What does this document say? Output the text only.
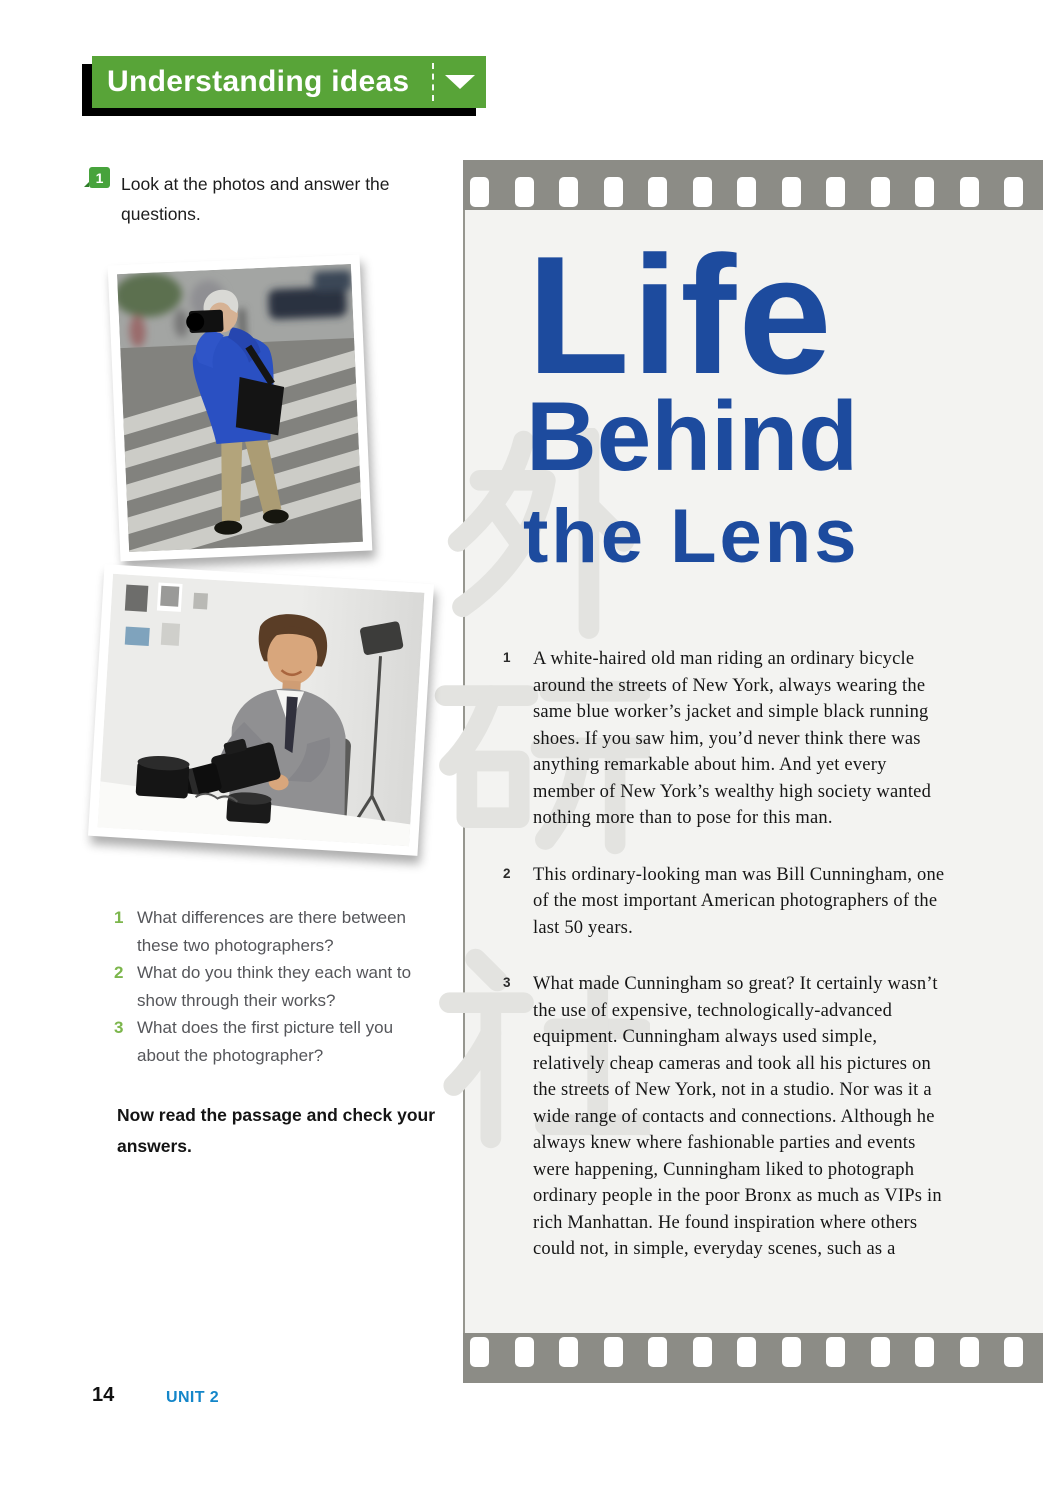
Understanding ideas
1	Look at the photos and answer the questions.
1 What differences are there between these two photographers?
2 What do you think they each want to show through their works?
3 What does the first picture tell you about the photographer?
Now read the passage and check your answers.
Life
Behind
the Lens
1	A white-haired old man riding an ordinary bicycle around the streets of New York, always wearing the same blue worker’s jacket and simple black running shoes. If you saw him, you’d never think there was anything remarkable about him. And yet every member of New York’s wealthy high society wanted nothing more than to pose for this man.
2	This ordinary-looking man was Bill Cunningham, one of the most important American photographers of the last 50 years.
3	What made Cunningham so great? It certainly wasn’t the use of expensive, technologically-advanced equipment. Cunningham always used simple, relatively cheap cameras and took all his pictures on the streets of New York, not in a studio. Nor was it a wide range of contacts and connections. Although he always knew where fashionable parties and events were happening, Cunningham liked to photograph ordinary people in the poor Bronx as much as VIPs in rich Manhattan. He found inspiration where others could not, in simple, everyday scenes, such as a
14	UNIT 2
